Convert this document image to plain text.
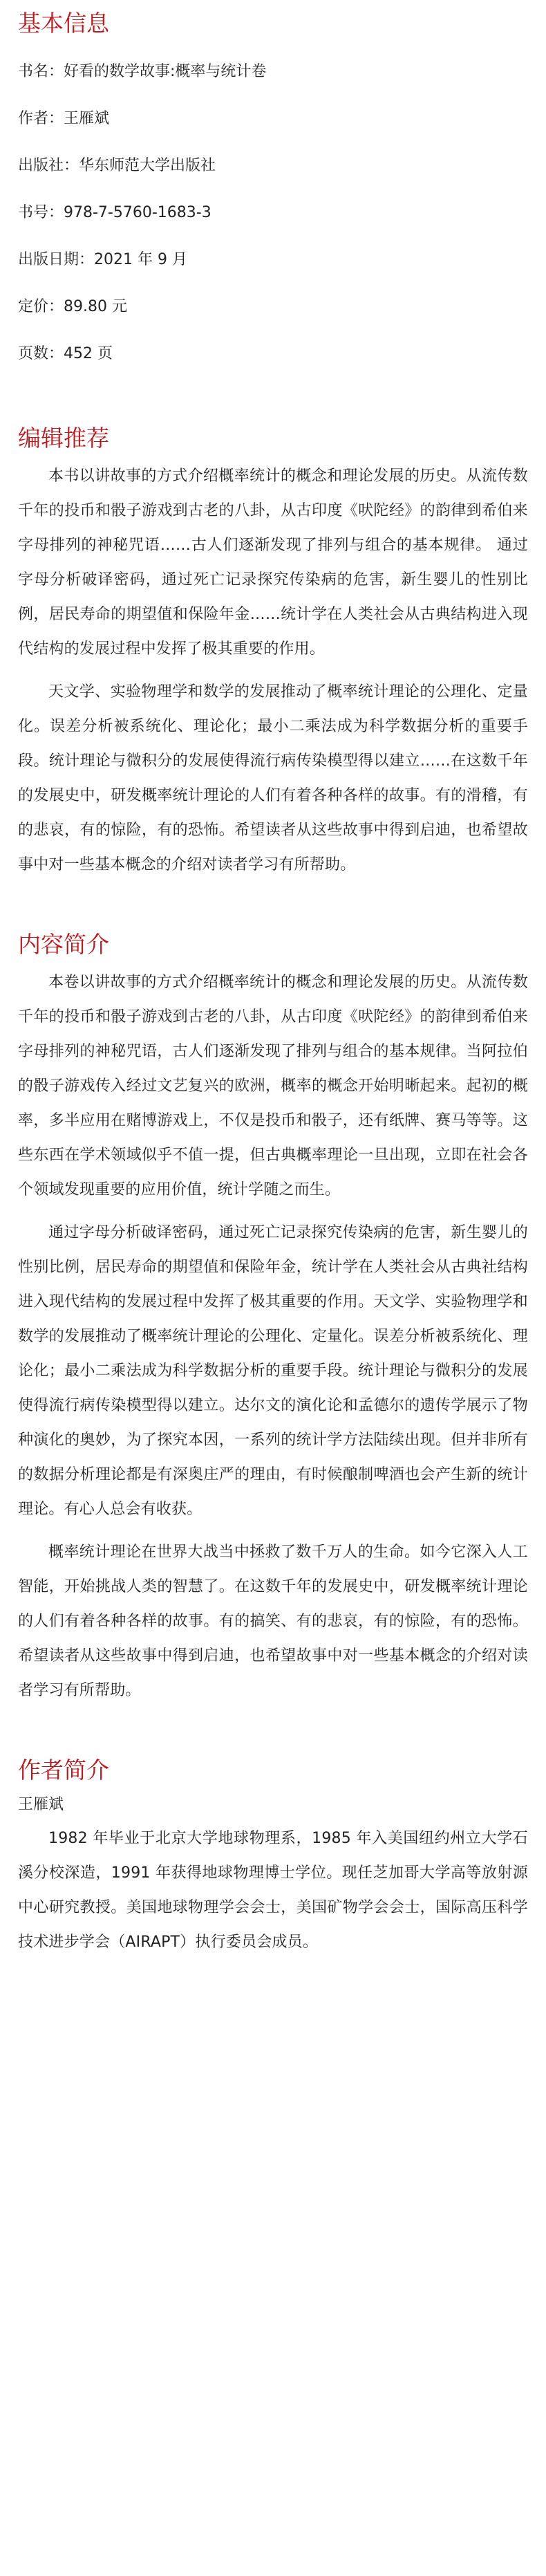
基本信息

书名：好看的数学故事:概率与统计卷

作者：王雁斌

出版社：华东师范大学出版社

书号：978-7-5760-1683-3

出版日期：2021 年 9 月

定价：89.80 元

页数：452 页

编辑推荐

本书以讲故事的方式介绍概率统计的概念和理论发展的历史。从流传数千年的投币和骰子游戏到古老的八卦，从古印度《吠陀经》的韵律到希伯来字母排列的神秘咒语……古人们逐渐发现了排列与组合的基本规律。 通过字母分析破译密码，通过死亡记录探究传染病的危害，新生婴儿的性别比例，居民寿命的期望值和保险年金……统计学在人类社会从古典结构进入现代结构的发展过程中发挥了极其重要的作用。

天文学、实验物理学和数学的发展推动了概率统计理论的公理化、定量化。误差分析被系统化、理论化；最小二乘法成为科学数据分析的重要手段。统计理论与微积分的发展使得流行病传染模型得以建立……在这数千年的发展史中，研发概率统计理论的人们有着各种各样的故事。有的滑稽，有的悲哀，有的惊险，有的恐怖。希望读者从这些故事中得到启迪，也希望故事中对一些基本概念的介绍对读者学习有所帮助。

内容简介

本卷以讲故事的方式介绍概率统计的概念和理论发展的历史。从流传数千年的投币和骰子游戏到古老的八卦，从古印度《吠陀经》的韵律到希伯来字母排列的神秘咒语，古人们逐渐发现了排列与组合的基本规律。当阿拉伯的骰子游戏传入经过文艺复兴的欧洲，概率的概念开始明晰起来。起初的概率，多半应用在赌博游戏上，不仅是投币和骰子，还有纸牌、赛马等等。这些东西在学术领域似乎不值一提，但古典概率理论一旦出现，立即在社会各个领域发现重要的应用价值，统计学随之而生。

通过字母分析破译密码，通过死亡记录探究传染病的危害，新生婴儿的性别比例，居民寿命的期望值和保险年金，统计学在人类社会从古典社结构进入现代结构的发展过程中发挥了极其重要的作用。天文学、实验物理学和数学的发展推动了概率统计理论的公理化、定量化。误差分析被系统化、理论化；最小二乘法成为科学数据分析的重要手段。统计理论与微积分的发展使得流行病传染模型得以建立。达尔文的演化论和孟德尔的遗传学展示了物种演化的奥妙，为了探究本因，一系列的统计学方法陆续出现。但并非所有的数据分析理论都是有深奥庄严的理由，有时候酿制啤酒也会产生新的统计理论。有心人总会有收获。

概率统计理论在世界大战当中拯救了数千万人的生命。如今它深入人工智能，开始挑战人类的智慧了。在这数千年的发展史中，研发概率统计理论的人们有着各种各样的故事。有的搞笑、有的悲哀，有的惊险，有的恐怖。希望读者从这些故事中得到启迪，也希望故事中对一些基本概念的介绍对读者学习有所帮助。

作者简介

王雁斌

1982 年毕业于北京大学地球物理系，1985 年入美国纽约州立大学石溪分校深造，1991 年获得地球物理博士学位。现任芝加哥大学高等放射源中心研究教授。美国地球物理学会会士，美国矿物学会会士，国际高压科学技术进步学会（AIRAPT）执行委员会成员。
